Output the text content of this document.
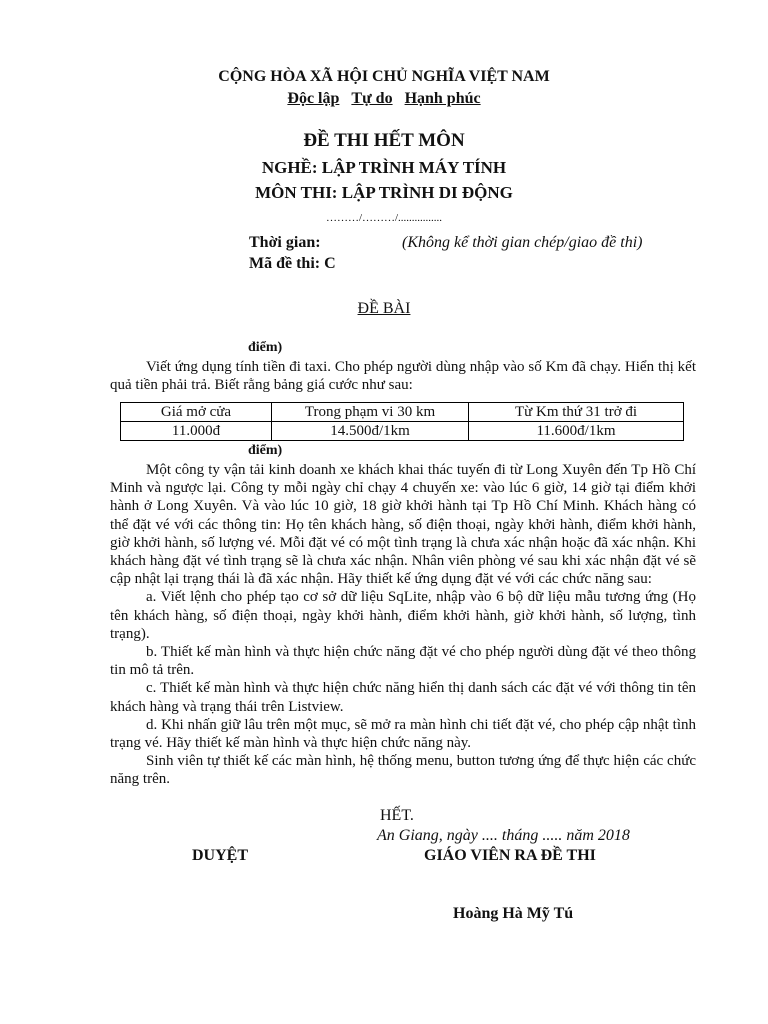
CỘNG HÒA XÃ HỘI CHỦ NGHĨA VIỆT NAM
Độc lập Tự do Hạnh phúc
ĐỀ THI HẾT MÔN
NGHỀ: LẬP TRÌNH MÁY TÍNH
MÔN THI: LẬP TRÌNH DI ĐỘNG
………/………/................
Thời gian:	(Không kể thời gian chép/giao đề thi)
Mã đề thi: C
ĐỀ BÀI
điểm)

Viết ứng dụng tính tiền đi taxi. Cho phép người dùng nhập vào số Km đã chạy. Hiển thị kết quả tiền phải trả. Biết rằng bảng giá cước như sau:

Giá mở cửa	Trong phạm vi 30 km	Từ Km thứ 31 trở đi
11.000đ	14.500đ/1km	11.600đ/1km
điểm)

Một công ty vận tải kinh doanh xe khách khai thác tuyến đi từ Long Xuyên đến Tp Hồ Chí Minh và ngược lại. Công ty mỗi ngày chỉ chạy 4 chuyến xe: vào lúc 6 giờ, 14 giờ tại điểm khởi hành ở Long Xuyên. Và vào lúc 10 giờ, 18 giờ khởi hành tại Tp Hồ Chí Minh. Khách hàng có thể đặt vé với các thông tin: Họ tên khách hàng, số điện thoại, ngày khởi hành, điểm khởi hành, giờ khởi hành, số lượng vé. Mỗi đặt vé có một tình trạng là chưa xác nhận hoặc đã xác nhận. Khi khách hàng đặt vé tình trạng sẽ là chưa xác nhận. Nhân viên phòng vé sau khi xác nhận đặt vé sẽ cập nhật lại trạng thái là đã xác nhận. Hãy thiết kế ứng dụng đặt vé với các chức năng sau:

a. Viết lệnh cho phép tạo cơ sở dữ liệu SqLite, nhập vào 6 bộ dữ liệu mẫu tương ứng (Họ tên khách hàng, số điện thoại, ngày khởi hành, điểm khởi hành, giờ khởi hành, số lượng, tình trạng).

b. Thiết kế màn hình và thực hiện chức năng đặt vé cho phép người dùng đặt vé theo thông tin mô tả trên.

c. Thiết kế màn hình và thực hiện chức năng hiển thị danh sách các đặt vé với thông tin tên khách hàng và trạng thái trên Listview.

d. Khi nhấn giữ lâu trên một mục, sẽ mở ra màn hình chi tiết đặt vé, cho phép cập nhật tình trạng vé. Hãy thiết kế màn hình và thực hiện chức năng này.

Sinh viên tự thiết kế các màn hình, hệ thống menu, button tương ứng để thực hiện các chức năng trên.

HẾT.
An Giang, ngày .... tháng ..... năm 2018
DUYỆT	GIÁO VIÊN RA ĐỀ THI
Hoàng Hà Mỹ Tú
